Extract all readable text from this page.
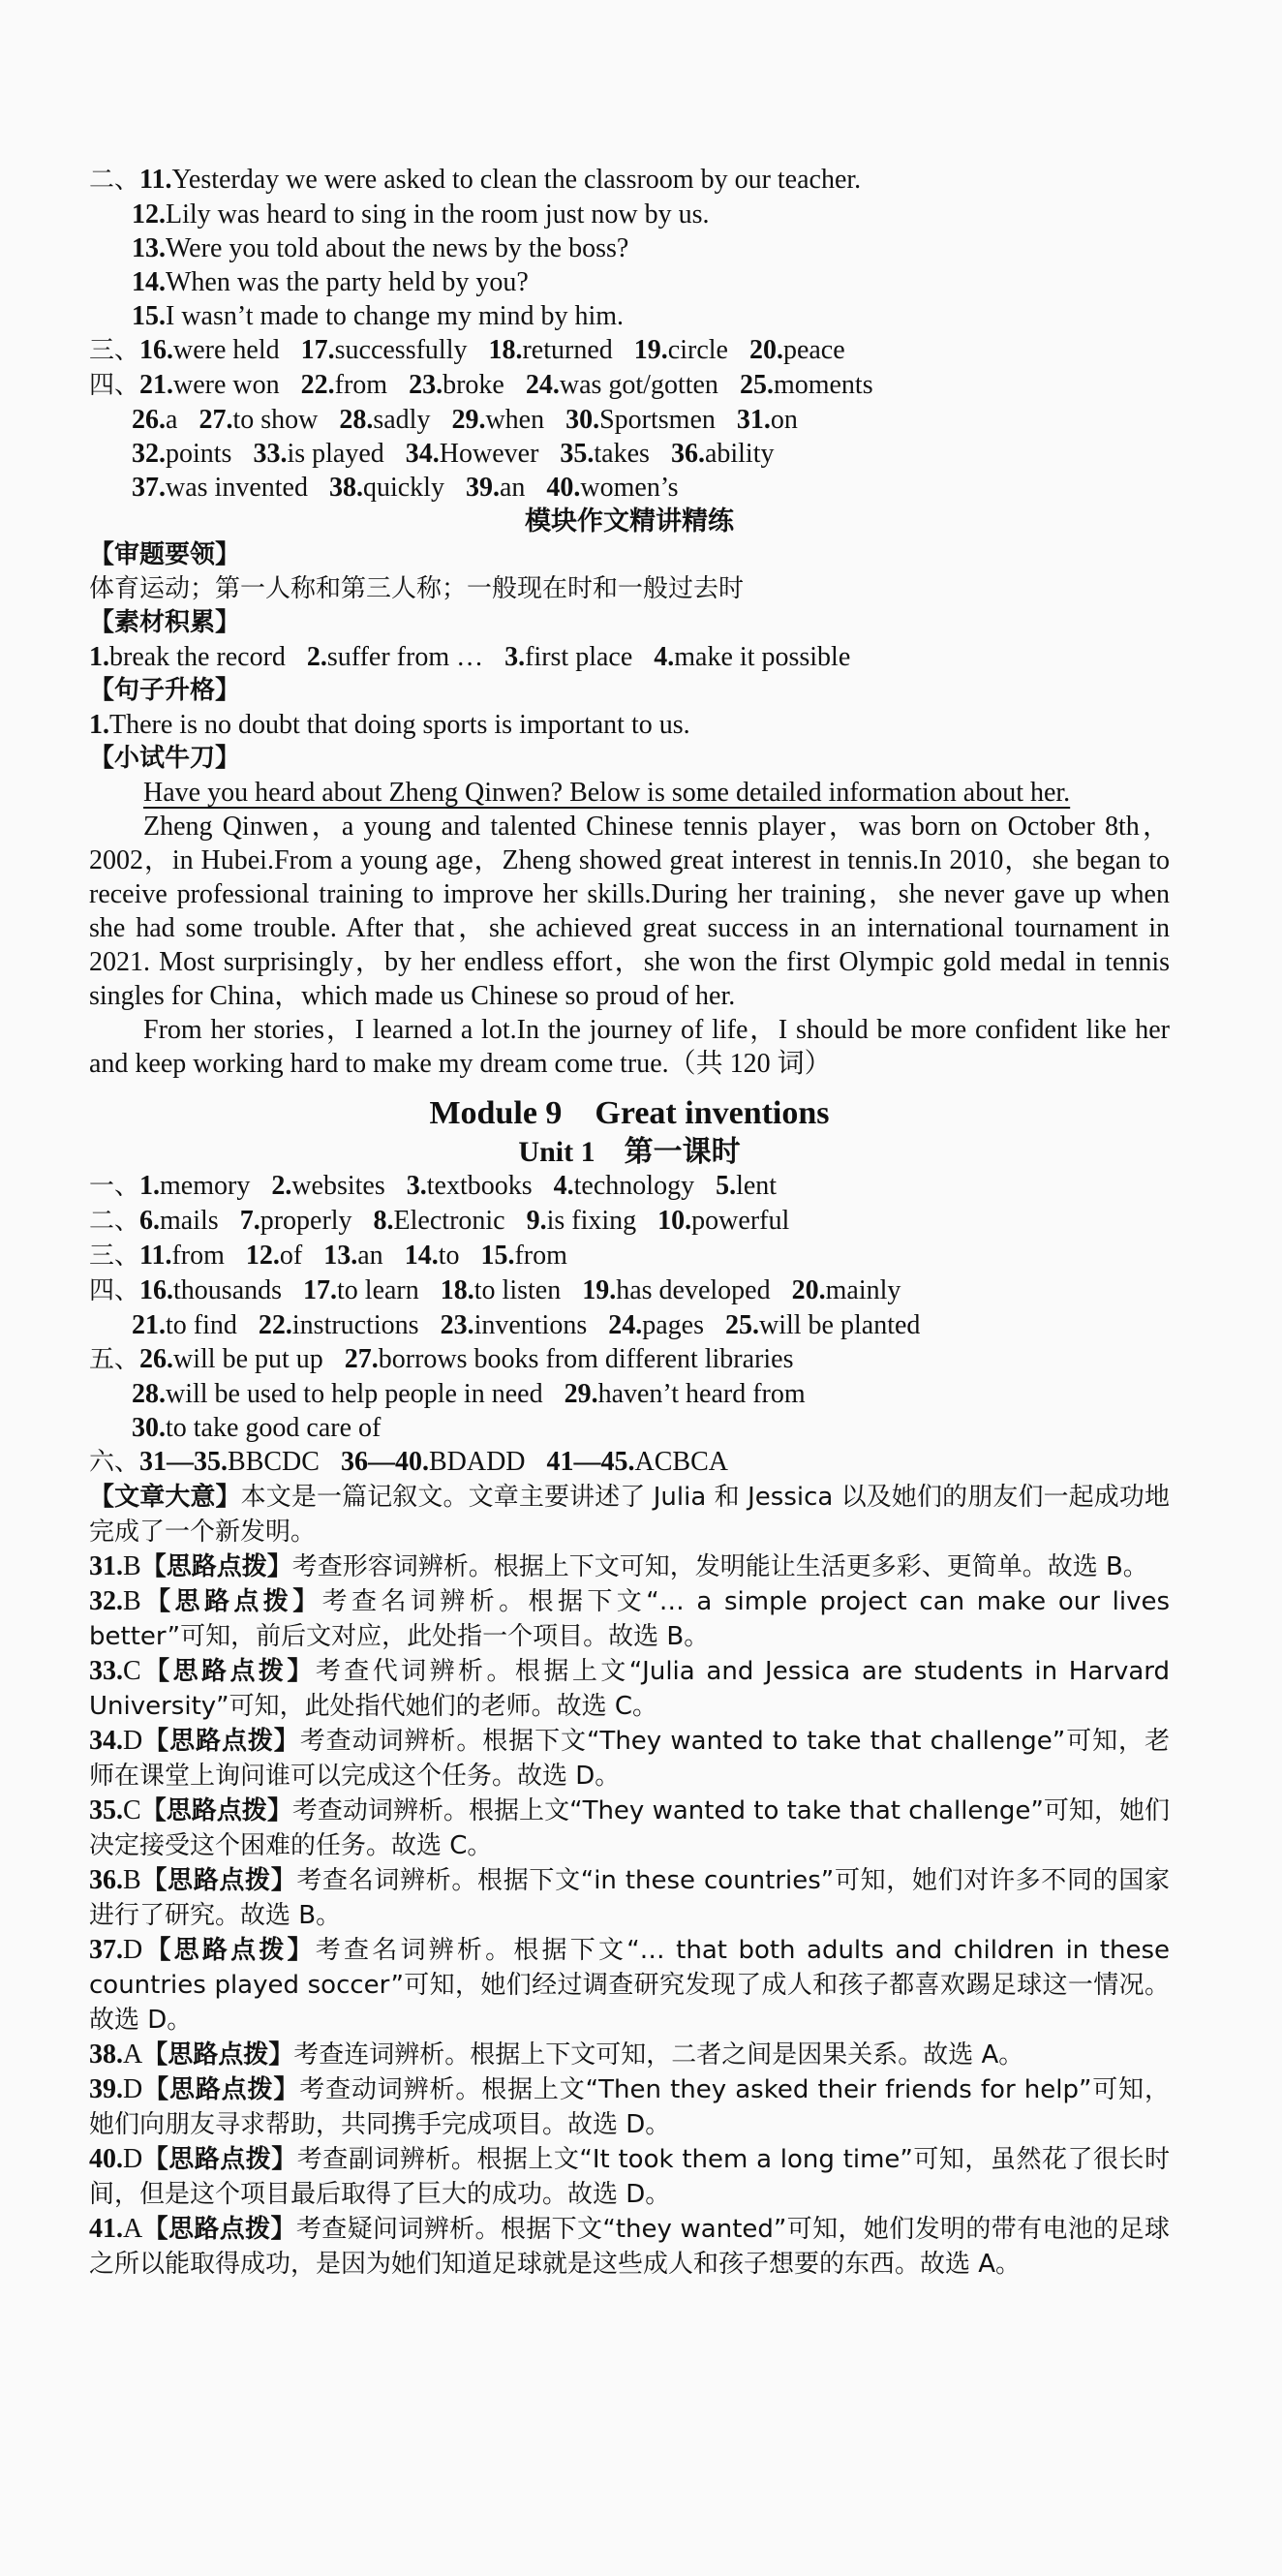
二、11.Yesterday we were asked to clean the classroom by our teacher.
12.Lily was heard to sing in the room just now by us.
13.Were you told about the news by the boss?
14.When was the party held by you?
15.I wasn’t made to change my mind by him.
三、16.were held 17.successfully 18.returned 19.circle 20.peace
四、21.were won 22.from 23.broke 24.was got/gotten 25.moments
26.a 27.to show 28.sadly 29.when 30.Sportsmen 31.on
32.points 33.is played 34.However 35.takes 36.ability
37.was invented 38.quickly 39.an 40.women’s
模块作文精讲精练
【审题要领】
体育运动；第一人称和第三人称；一般现在时和一般过去时
【素材积累】
1.break the record 2.suffer from … 3.first place 4.make it possible
【句子升格】
1.There is no doubt that doing sports is important to us.
【小试牛刀】
Have you heard about Zheng Qinwen? Below is some detailed information about her.
Zheng Qinwen，a young and talented Chinese tennis player，was born on October 8th，2002，in Hubei.From a young age，Zheng showed great interest in tennis.In 2010，she began to receive professional training to improve her skills.During her training，she never gave up when she had some trouble. After that，she achieved great success in an international tournament in 2021. Most surprisingly，by her endless effort，she won the first Olympic gold medal in tennis singles for China，which made us Chinese so proud of her.
From her stories，I learned a lot.In the journey of life，I should be more confident like her and keep working hard to make my dream come true.（共 120 词）
Module 9　Great inventions
Unit 1　第一课时
一、1.memory 2.websites 3.textbooks 4.technology 5.lent
二、6.mails 7.properly 8.Electronic 9.is fixing 10.powerful
三、11.from 12.of 13.an 14.to 15.from
四、16.thousands 17.to learn 18.to listen 19.has developed 20.mainly
21.to find 22.instructions 23.inventions 24.pages 25.will be planted
五、26.will be put up 27.borrows books from different libraries
28.will be used to help people in need 29.haven’t heard from
30.to take good care of
六、31—35.BBCDC 36—40.BDADD 41—45.ACBCA
【文章大意】本文是一篇记叙文。文章主要讲述了 Julia 和 Jessica 以及她们的朋友们一起成功地完成了一个新发明。
31.B【思路点拨】考查形容词辨析。根据上下文可知，发明能让生活更多彩、更简单。故选 B。
32.B【思路点拨】考查名词辨析。根据下文“… a simple project can make our lives better”可知，前后文对应，此处指一个项目。故选 B。
33.C【思路点拨】考查代词辨析。根据上文“Julia and Jessica are students in Harvard University”可知，此处指代她们的老师。故选 C。
34.D【思路点拨】考查动词辨析。根据下文“They wanted to take that challenge”可知，老师在课堂上询问谁可以完成这个任务。故选 D。
35.C【思路点拨】考查动词辨析。根据上文“They wanted to take that challenge”可知，她们决定接受这个困难的任务。故选 C。
36.B【思路点拨】考查名词辨析。根据下文“in these countries”可知，她们对许多不同的国家进行了研究。故选 B。
37.D【思路点拨】考查名词辨析。根据下文“… that both adults and children in these countries played soccer”可知，她们经过调查研究发现了成人和孩子都喜欢踢足球这一情况。故选 D。
38.A【思路点拨】考查连词辨析。根据上下文可知，二者之间是因果关系。故选 A。
39.D【思路点拨】考查动词辨析。根据上文“Then they asked their friends for help”可知，她们向朋友寻求帮助，共同携手完成项目。故选 D。
40.D【思路点拨】考查副词辨析。根据上文“It took them a long time”可知，虽然花了很长时间，但是这个项目最后取得了巨大的成功。故选 D。
41.A【思路点拨】考查疑问词辨析。根据下文“they wanted”可知，她们发明的带有电池的足球之所以能取得成功，是因为她们知道足球就是这些成人和孩子想要的东西。故选 A。
